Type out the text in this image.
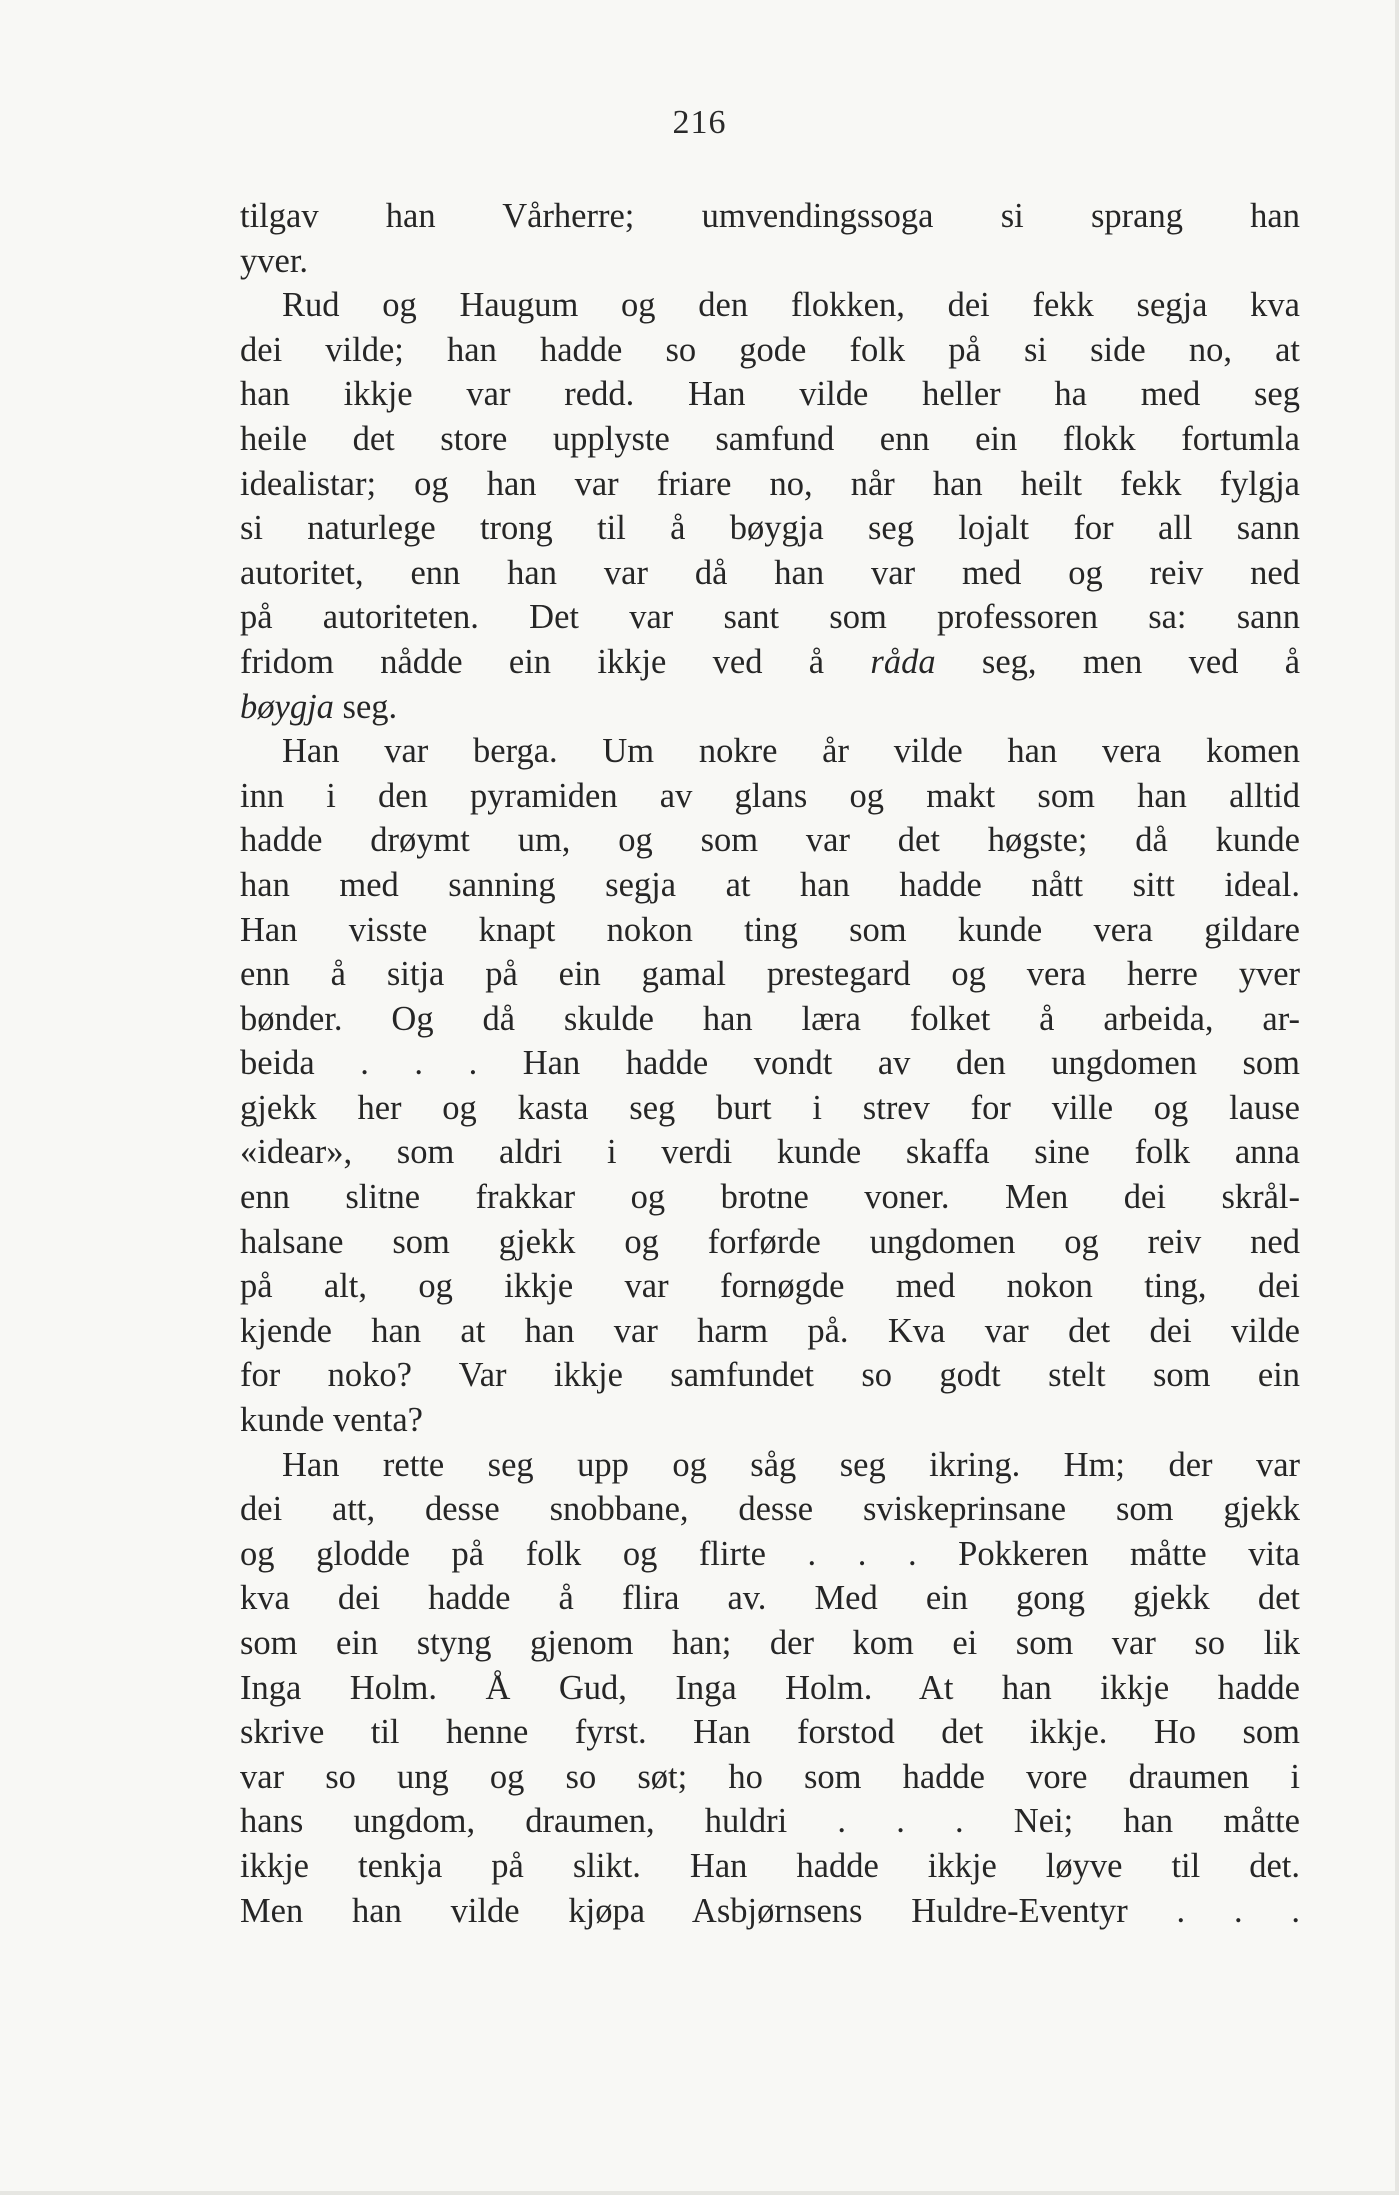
216
tilgav han Vårherre; umvendingssoga si sprang han
yver.
Rud og Haugum og den flokken, dei fekk segja kva
dei vilde; han hadde so gode folk på si side no, at
han ikkje var redd. Han vilde heller ha med seg
heile det store upplyste samfund enn ein flokk fortumla
idealistar; og han var friare no, når han heilt fekk fylgja
si naturlege trong til å bøygja seg lojalt for all sann
autoritet, enn han var då han var med og reiv ned
på autoriteten. Det var sant som professoren sa: sann
fridom nådde ein ikkje ved å råda seg, men ved å
bøygja seg.
Han var berga. Um nokre år vilde han vera komen
inn i den pyramiden av glans og makt som han alltid
hadde drøymt um, og som var det høgste; då kunde
han med sanning segja at han hadde nått sitt ideal.
Han visste knapt nokon ting som kunde vera gildare
enn å sitja på ein gamal prestegard og vera herre yver
bønder. Og då skulde han læra folket å arbeida, ar-
beida . . . Han hadde vondt av den ungdomen som
gjekk her og kasta seg burt i strev for ville og lause
«idear», som aldri i verdi kunde skaffa sine folk anna
enn slitne frakkar og brotne voner. Men dei skrål-
halsane som gjekk og forførde ungdomen og reiv ned
på alt, og ikkje var fornøgde med nokon ting, dei
kjende han at han var harm på. Kva var det dei vilde
for noko? Var ikkje samfundet so godt stelt som ein
kunde venta?
Han rette seg upp og såg seg ikring. Hm; der var
dei att, desse snobbane, desse sviskeprinsane som gjekk
og glodde på folk og flirte . . . Pokkeren måtte vita
kva dei hadde å flira av. Med ein gong gjekk det
som ein styng gjenom han; der kom ei som var so lik
Inga Holm. Å Gud, Inga Holm. At han ikkje hadde
skrive til henne fyrst. Han forstod det ikkje. Ho som
var so ung og so søt; ho som hadde vore draumen i
hans ungdom, draumen, huldri . . . Nei; han måtte
ikkje tenkja på slikt. Han hadde ikkje løyve til det.
Men han vilde kjøpa Asbjørnsens Huldre-Eventyr . . .
